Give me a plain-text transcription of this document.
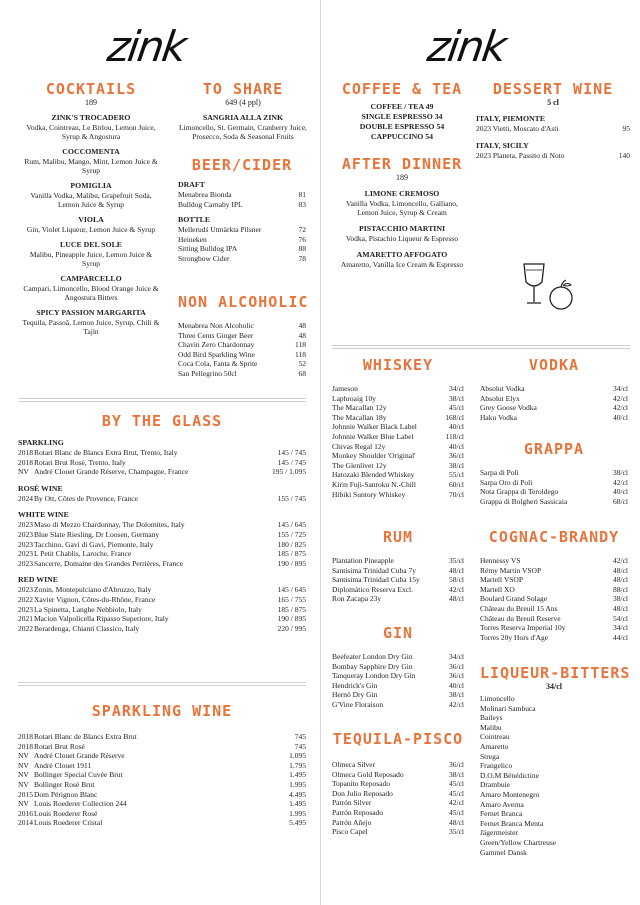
zink	zink
COCKTAILS
189
ZINK'S TROCADERO
Vodka, Cointreau, Le Birlou, Lemon Juice, Syrup & Angostura
COCCOMENTA
Rum, Malibu, Mango, Mint, Lemon Juice & Syrup
POMIGLIA
Vanilla Vodka, Malibu, Grapefruit Soda, Lemon Juice & Syrup
VIOLA
Gin, Violet Liqueur, Lemon Juice & Syrup
LUCE DEL SOLE
Malibu, Pineapple Juice, Lemon Juice & Syrup
CAMPARCELLO
Campari, Limoncello, Blood Orange Juice & Angostura Bitters
SPICY PASSION MARGARITA
Tequila, Passoã, Lemon Juice, Syrup, Chili & Tajín
TO SHARE
649 (4 ppl)
SANGRIA ALLA ZINK
Limoncello, St. Germain, Cranberry Juice, Prosecco, Soda & Seasonal Fruits
BEER/CIDER
DRAFT
Menabrea Bionda	81
Bulldog Carnaby IPL	83
BOTTLE
Mellerudś Utmärkta Pilsner	72
Heineken	76
Sitting Bulldog IPA	88
Strongbow Cider	78
NON ALCOHOLIC
Menabrea Non Alcoholic	48
Three Cents Ginger Beer	48
Chavin Zero Chardonnay	118
Odd Bird Sparkling Wine	118
Coca Cola, Fanta & Sprite	52
San Pellegrino 50cl	68
BY THE GLASS
SPARKLING
2018 Rotari Blanc de Blancs Extra Brut, Trento, Italy	145 / 745
2018 Rotari Brut Rosé, Trento, Italy	145 / 745
NV André Clouet Grande Réserve, Champagne, France	195 / 1.095
ROSÉ WINE
2024 By Ott, Côtes de Provence, France	155 / 745
WHITE WINE
2023 Maso di Mezzo Chardonnay, The Dolomites, Italy	145 / 645
2023 Blue Slate Riesling, Dr Loosen, Germany	155 / 725
2023 Tacchino, Gavi di Gavi, Piemonte, Italy	180 / 825
2023 L Petit Chablis, Laroche, France	185 / 875
2023 Sancerre, Domaine des Grandes Perrières, France	190 / 895
RED WINE
2023 Zonin, Montepulciano d'Abruzzo, Italy	145 / 645
2022 Xavier Vignon, Côtes-du-Rhône, France	165 / 755
2023 La Spinetta, Langhe Nebbiolo, Italy	185 / 875
2021 Macion Valpolicella Ripasso Superiore, Italy	190 / 895
2022 Berardenga, Chianti Classico, Italy	220 / 995
SPARKLING WINE
2018 Rotari Blanc de Blancs Extra Brut	745
2018 Rotari Brut Rosé	745
NV André Clouet Grande Réserve	1.095
NV André Clouet 1911	1.795
NV Bollinger Special Cuvée Brut	1.495
NV Bollinger Rosé Brut	1.995
2015 Dom Pérignon Blanc	4.495
NV Louis Roederer Collection 244	1.495
2016 Louis Roederer Rosé	1.995
2014 Louis Roederer Cristal	5.495
COFFEE & TEA
COFFEE / TEA 49
SINGLE ESPRESSO 34
DOUBLE ESPRESSO 54
CAPPUCCINO 54
AFTER DINNER
189
LIMONE CREMOSO
Vanilla Vodka, Limoncello, Galliano, Lemon Juice, Syrup & Cream
PISTACCHIO MARTINI
Vodka, Pistachio Liqueur & Espresso
AMARETTO AFFOGATO
Amaretto, Vanilla Ice Cream & Espresso
DESSERT WINE
5 cl
ITALY, PIEMONTE
2023 Vietti, Moscato d'Asti	95
ITALY, SICILY
2023 Planeta, Passito di Noto	140
WHISKEY
Jameson	34/cl
Laphroaig 10y	38/cl
The Macallan 12y	45/cl
The Macallan 18y	168/cl
Johnnie Walker Black Label	40/cl
Johnnie Walker Blue Label	118/cl
Chivas Regal 12y	40/cl
Monkey Shoulder 'Original'	36/cl
The Glenlivet 12y	38/cl
Hatozaki Blended Whiskey	55/cl
Kirin Fuji-Sanroku N.-Chill	60/cl
Hibiki Suntory Whiskey	70/cl
VODKA
Absolut Vodka	34/cl
Absolut Elyx	42/cl
Grey Goose Vodka	42/cl
Haku Vodka	40/cl
GRAPPA
Sarpa di Poli	38/cl
Sarpa Oro di Poli	42/cl
Nota Grappa di Teroldego	40/cl
Grappa di Bolgheri Sassicaia	68/cl
RUM
Plantation Pineapple	35/cl
Santisima Trinidad Cuba 7y	48/cl
Santisima Trinidad Cuba 15y	58/cl
Diplomático Reserva Excl.	42/cl
Ron Zacapa 23y	48/cl
COGNAC-BRANDY
Hennessy VS	42/cl
Rémy Martin VSOP	48/cl
Martell VSOP	48/cl
Martell XO	88/cl
Boulard Grand Solage	38/cl
Château du Breuil 15 Ans	48/cl
Château du Breuil Reserve	54/cl
Torres Reserva Imperial 10y	34/cl
Torres 20y Hors d'Age	44/cl
GIN
Beefeater London Dry Gin	34/cl
Bombay Sapphire Dry Gin	36/cl
Tanqueray London Dry Gin	36/cl
Hendrick's Gin	40/cl
Hernö Dry Gin	38/cl
G'Vine Floraison	42/cl
LIQUEUR-BITTERS
34/cl
Limoncello
Molinari Sambuca
Baileys
Malibu
Cointreau
Amaretto
Strega
Frangelico
D.O.M Bénédictine
Drambuie
Amaro Montenegro
Amaro Averna
Fernet Branca
Fernet Branca Menta
Jägermeister
Green/Yellow Chartreuse
Gammel Dansk
TEQUILA-PISCO
Olmeca Silver	36/cl
Olmeca Gold Reposado	38/cl
Topanito Reposado	45/cl
Don Julio Reposado	45/cl
Patrón Silver	42/cl
Patrón Reposado	45/cl
Patrón Añejo	48/cl
Pisco Capel	35/cl
